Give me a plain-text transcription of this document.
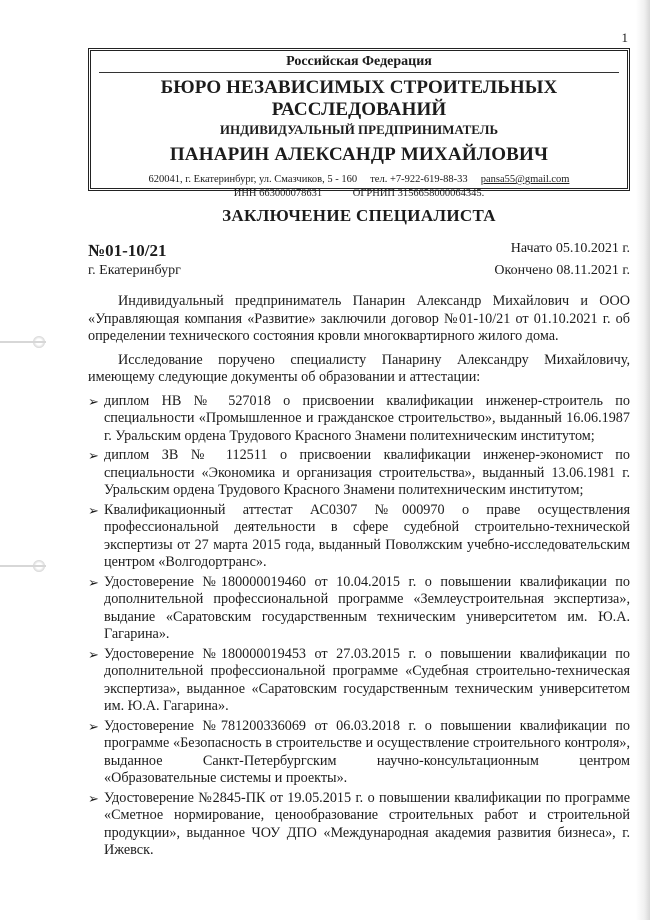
1
Российская Федерация
БЮРО НЕЗАВИСИМЫХ СТРОИТЕЛЬНЫХ РАССЛЕДОВАНИЙ
ИНДИВИДУАЛЬНЫЙ ПРЕДПРИНИМАТЕЛЬ
ПАНАРИН АЛЕКСАНДР МИХАЙЛОВИЧ
620041, г. Екатеринбург, ул. Смазчиков, 5 - 160 тел. +7-922-619-88-33 pansa55@gmail.com
ИНН 663000078631	ОГРНИП 3156658000064345.
ЗАКЛЮЧЕНИЕ СПЕЦИАЛИСТА
№01-10/21	Начато 05.10.2021 г.
г. Екатеринбург	Окончено 08.11.2021 г.

Индивидуальный предприниматель Панарин Александр Михайлович и ООО «Управляющая компания «Развитие» заключили договор №01-10/21 от 01.10.2021 г. об определении технического состояния кровли многоквартирного жилого дома.

Исследование поручено специалисту Панарину Александру Михайловичу, имеющему следующие документы об образовании и аттестации:

➢ диплом НВ № 527018 о присвоении квалификации инженер-строитель по специальности «Промышленное и гражданское строительство», выданный 16.06.1987 г. Уральским ордена Трудового Красного Знамени политехническим институтом;
➢ диплом ЗВ № 112511 о присвоении квалификации инженер-экономист по специальности «Экономика и организация строительства», выданный 13.06.1981 г. Уральским ордена Трудового Красного Знамени политехническим институтом;
➢ Квалификационный аттестат АС0307 №000970 о праве осуществления профессиональной деятельности в сфере судебной строительно-технической экспертизы от 27 марта 2015 года, выданный Поволжским учебно-исследовательским центром «Волгодортранс».
➢ Удостоверение №180000019460 от 10.04.2015 г. о повышении квалификации по дополнительной профессиональной программе «Землеустроительная экспертиза», выдание «Саратовским государственным техническим университетом им. Ю.А. Гагарина».
➢ Удостоверение №180000019453 от 27.03.2015 г. о повышении квалификации по дополнительной профессиональной программе «Судебная строительно-техническая экспертиза», выданное «Саратовским государственным техническим университетом им. Ю.А. Гагарина».
➢ Удостоверение №781200336069 от 06.03.2018 г. о повышении квалификации по программе «Безопасность в строительстве и осуществление строительного контроля», выданное Санкт-Петербургским научно-консультационным центром «Образовательные системы и проекты».
➢ Удостоверение №2845-ПК от 19.05.2015 г. о повышении квалификации по программе «Сметное нормирование, ценообразование строительных работ и строительной продукции», выданное ЧОУ ДПО «Международная академия развития бизнеса», г. Ижевск.
